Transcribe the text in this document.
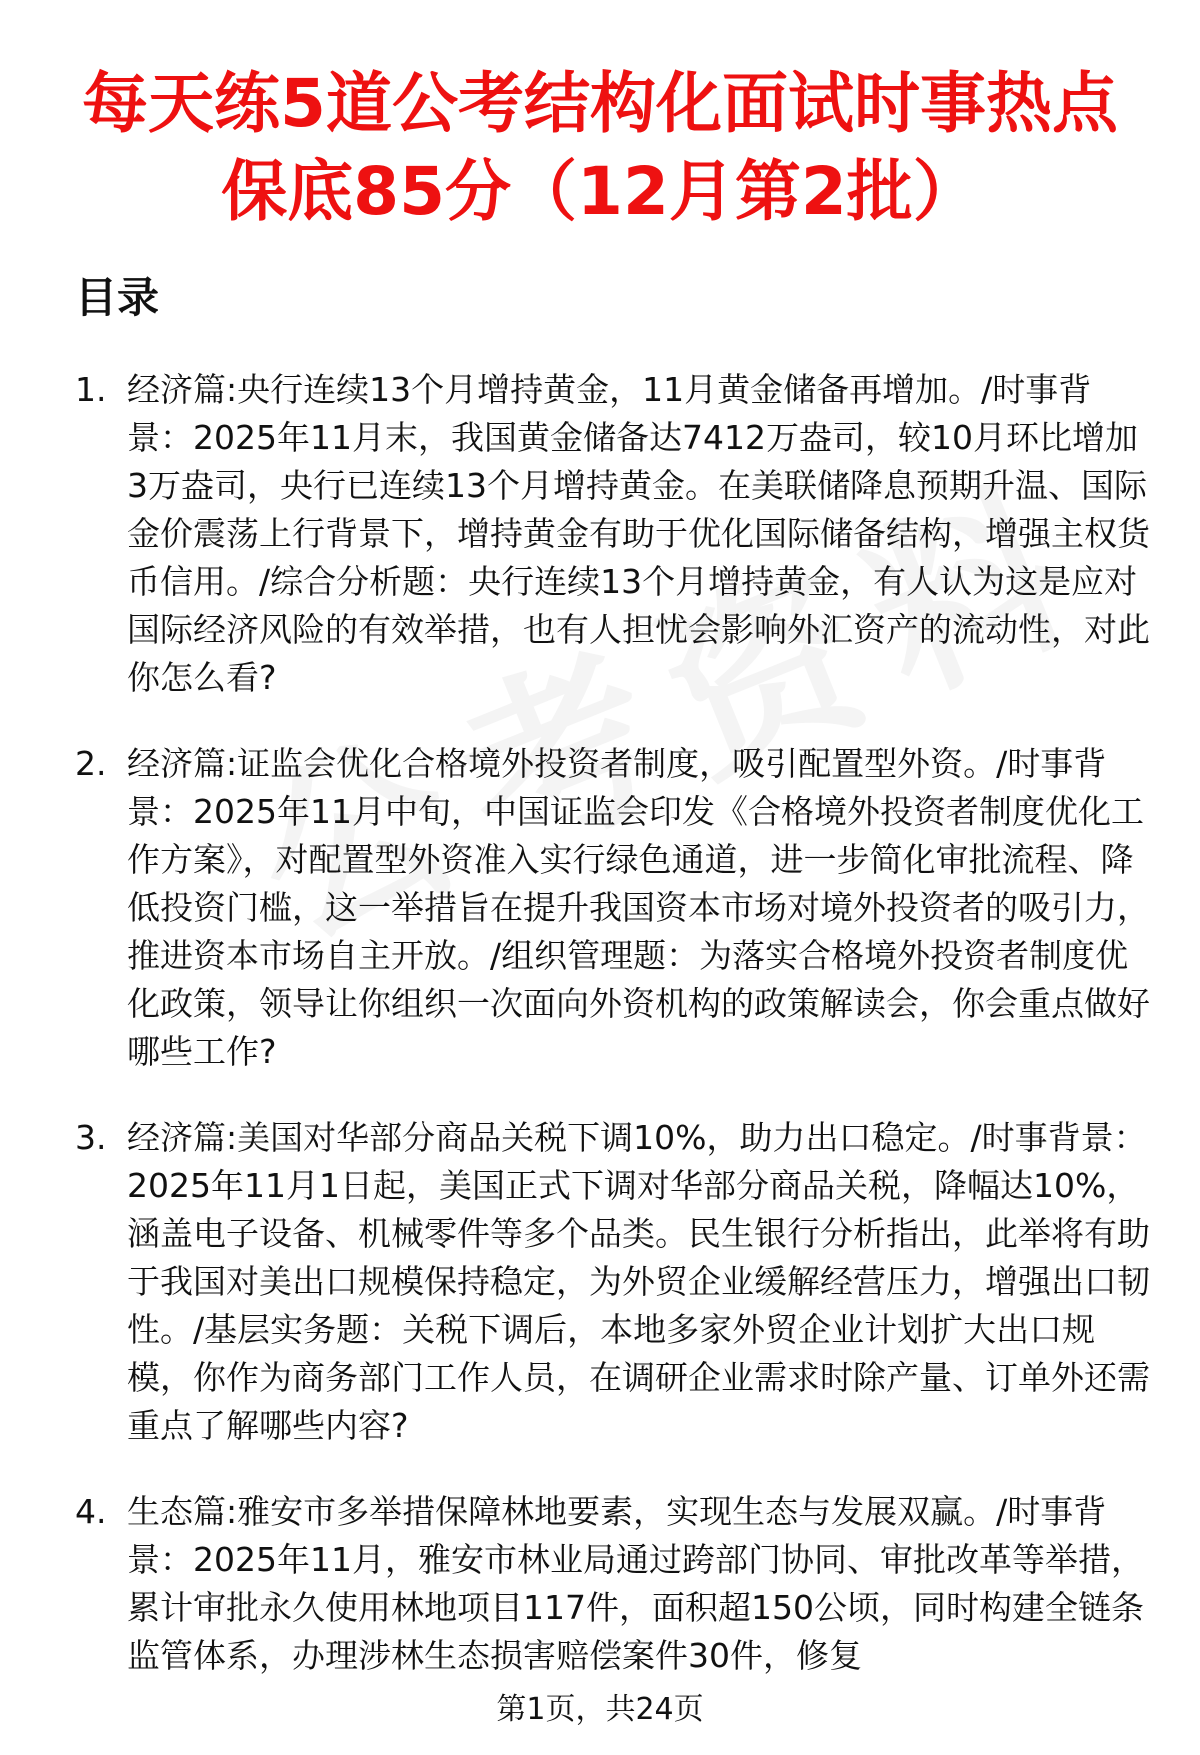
每天练5道公考结构化面试时事热点
保底85分（12月第2批）
目录
1. 经济篇:央行连续13个月增持黄金，11月黄金储备再增加。/时事背景：2025年11月末，我国黄金储备达7412万盎司，较10月环比增加3万盎司，央行已连续13个月增持黄金。在美联储降息预期升温、国际金价震荡上行背景下，增持黄金有助于优化国际储备结构，增强主权货币信用。/综合分析题：央行连续13个月增持黄金，有人认为这是应对国际经济风险的有效举措，也有人担忧会影响外汇资产的流动性，对此你怎么看?

2. 经济篇:证监会优化合格境外投资者制度，吸引配置型外资。/时事背景：2025年11月中旬，中国证监会印发《合格境外投资者制度优化工作方案》，对配置型外资准入实行绿色通道，进一步简化审批流程、降低投资门槛，这一举措旨在提升我国资本市场对境外投资者的吸引力，推进资本市场自主开放。/组织管理题：为落实合格境外投资者制度优化政策，领导让你组织一次面向外资机构的政策解读会，你会重点做好哪些工作?

3. 经济篇:美国对华部分商品关税下调10%，助力出口稳定。/时事背景：2025年11月1日起，美国正式下调对华部分商品关税，降幅达10%，涵盖电子设备、机械零件等多个品类。民生银行分析指出，此举将有助于我国对美出口规模保持稳定，为外贸企业缓解经营压力，增强出口韧性。/基层实务题：关税下调后，本地多家外贸企业计划扩大出口规模，你作为商务部门工作人员，在调研企业需求时除产量、订单外还需重点了解哪些内容?

4. 生态篇:雅安市多举措保障林地要素，实现生态与发展双赢。/时事背景：2025年11月，雅安市林业局通过跨部门协同、审批改革等举措，累计审批永久使用林地项目117件，面积超150公顷，同时构建全链条监管体系，办理涉林生态损害赔偿案件30件，修复

第1页，共24页
